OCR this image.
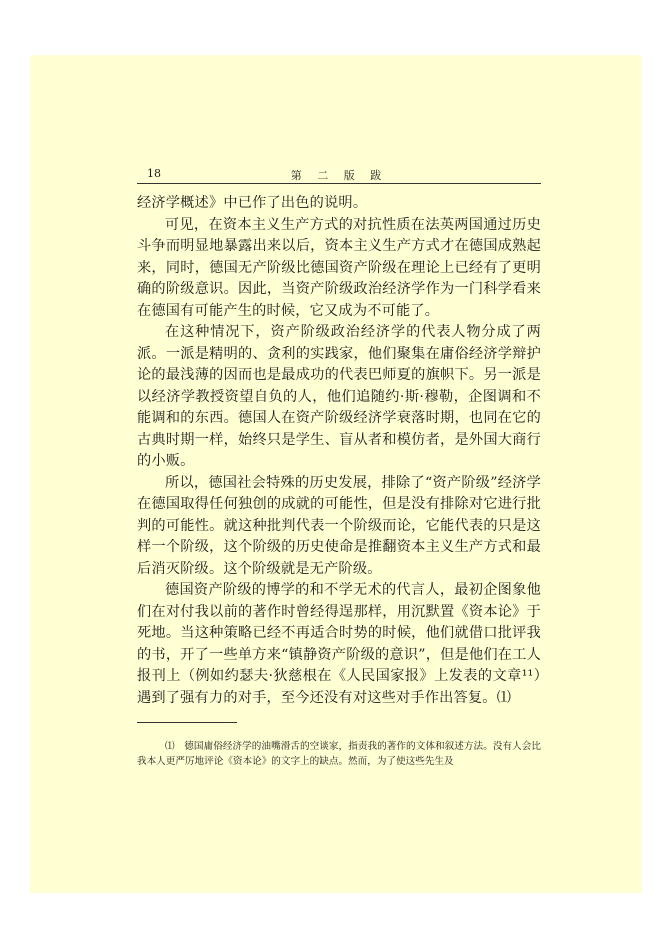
18	第 二 版 跋

经济学概述》中已作了出色的说明。

可见，在资本主义生产方式的对抗性质在法英两国通过历史斗争而明显地暴露出来以后，资本主义生产方式才在德国成熟起来，同时，德国无产阶级比德国资产阶级在理论上已经有了更明确的阶级意识。因此，当资产阶级政治经济学作为一门科学看来在德国有可能产生的时候，它又成为不可能了。

在这种情况下，资产阶级政治经济学的代表人物分成了两派。一派是精明的、贪利的实践家，他们聚集在庸俗经济学辩护论的最浅薄的因而也是最成功的代表巴师夏的旗帜下。另一派是以经济学教授资望自负的人，他们追随约·斯·穆勒，企图调和不能调和的东西。德国人在资产阶级经济学衰落时期，也同在它的古典时期一样，始终只是学生、盲从者和模仿者，是外国大商行的小贩。

所以，德国社会特殊的历史发展，排除了“资产阶级”经济学在德国取得任何独创的成就的可能性，但是没有排除对它进行批判的可能性。就这种批判代表一个阶级而论，它能代表的只是这样一个阶级，这个阶级的历史使命是推翻资本主义生产方式和最后消灭阶级。这个阶级就是无产阶级。

德国资产阶级的博学的和不学无术的代言人，最初企图象他们在对付我以前的著作时曾经得逞那样，用沉默置《资本论》于死地。当这种策略已经不再适合时势的时候，他们就借口批评我的书，开了一些单方来“镇静资产阶级的意识”，但是他们在工人报刊上（例如约瑟夫·狄慈根在《人民国家报》上发表的文章¹¹）遇到了强有力的对手，至今还没有对这些对手作出答复。⑴

⑴　德国庸俗经济学的油嘴滑舌的空谈家，指责我的著作的文体和叙述方法。没有人会比我本人更严厉地评论《资本论》的文字上的缺点。然而，为了使这些先生及
